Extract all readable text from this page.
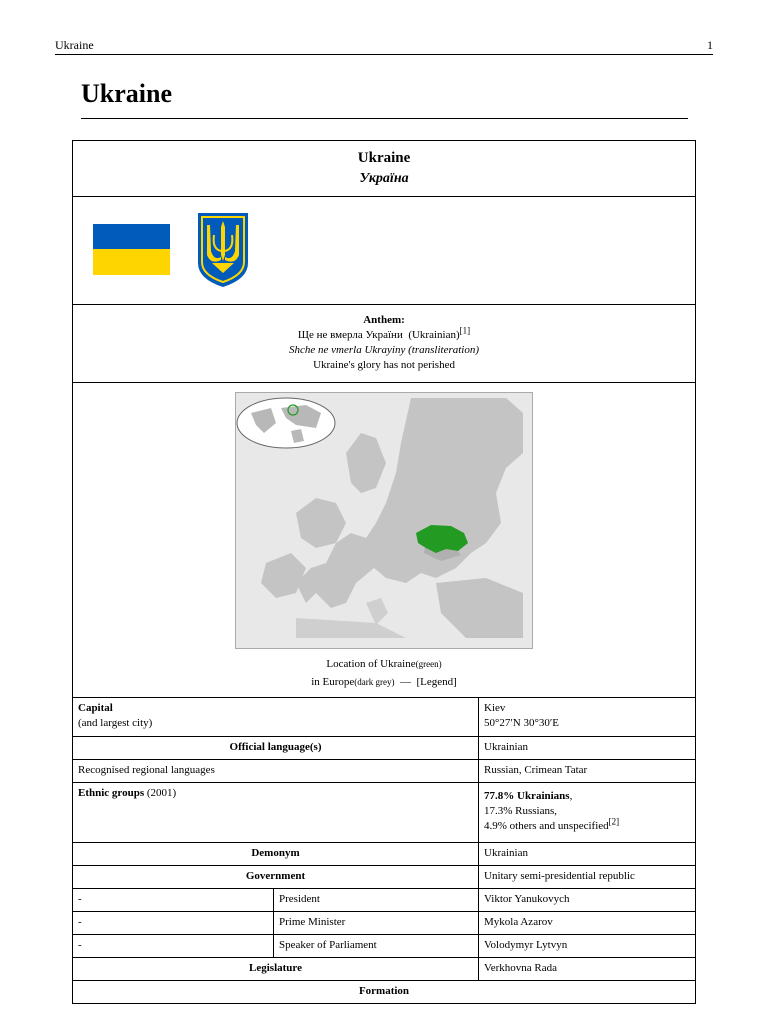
Ukraine	1
Ukraine
Ukraine
Україна		

Anthem:
Ще не вмерла України (Ukrainian)[1]
Shche ne vmerla Ukrayiny (transliteration)
Ukraine's glory has not perished		

Location of Ukraine(green)
in Europe(dark grey) — [Legend]		

Capital
(and largest city)		Kiev
50°27′N 30°30′E
Official language(s)		Ukrainian
Recognised regional languages		Russian, Crimean Tatar
Ethnic groups (2001)		77.8% Ukrainians,
17.3% Russians,
4.9% others and unspecified[2]
Demonym		Ukrainian
Government		Unitary semi-presidential republic
-	President	Viktor Yanukovych
-	Prime Minister	Mykola Azarov
-	Speaker of Parliament	Volodymyr Lytvyn
Legislature		Verkhovna Rada
Formation		
